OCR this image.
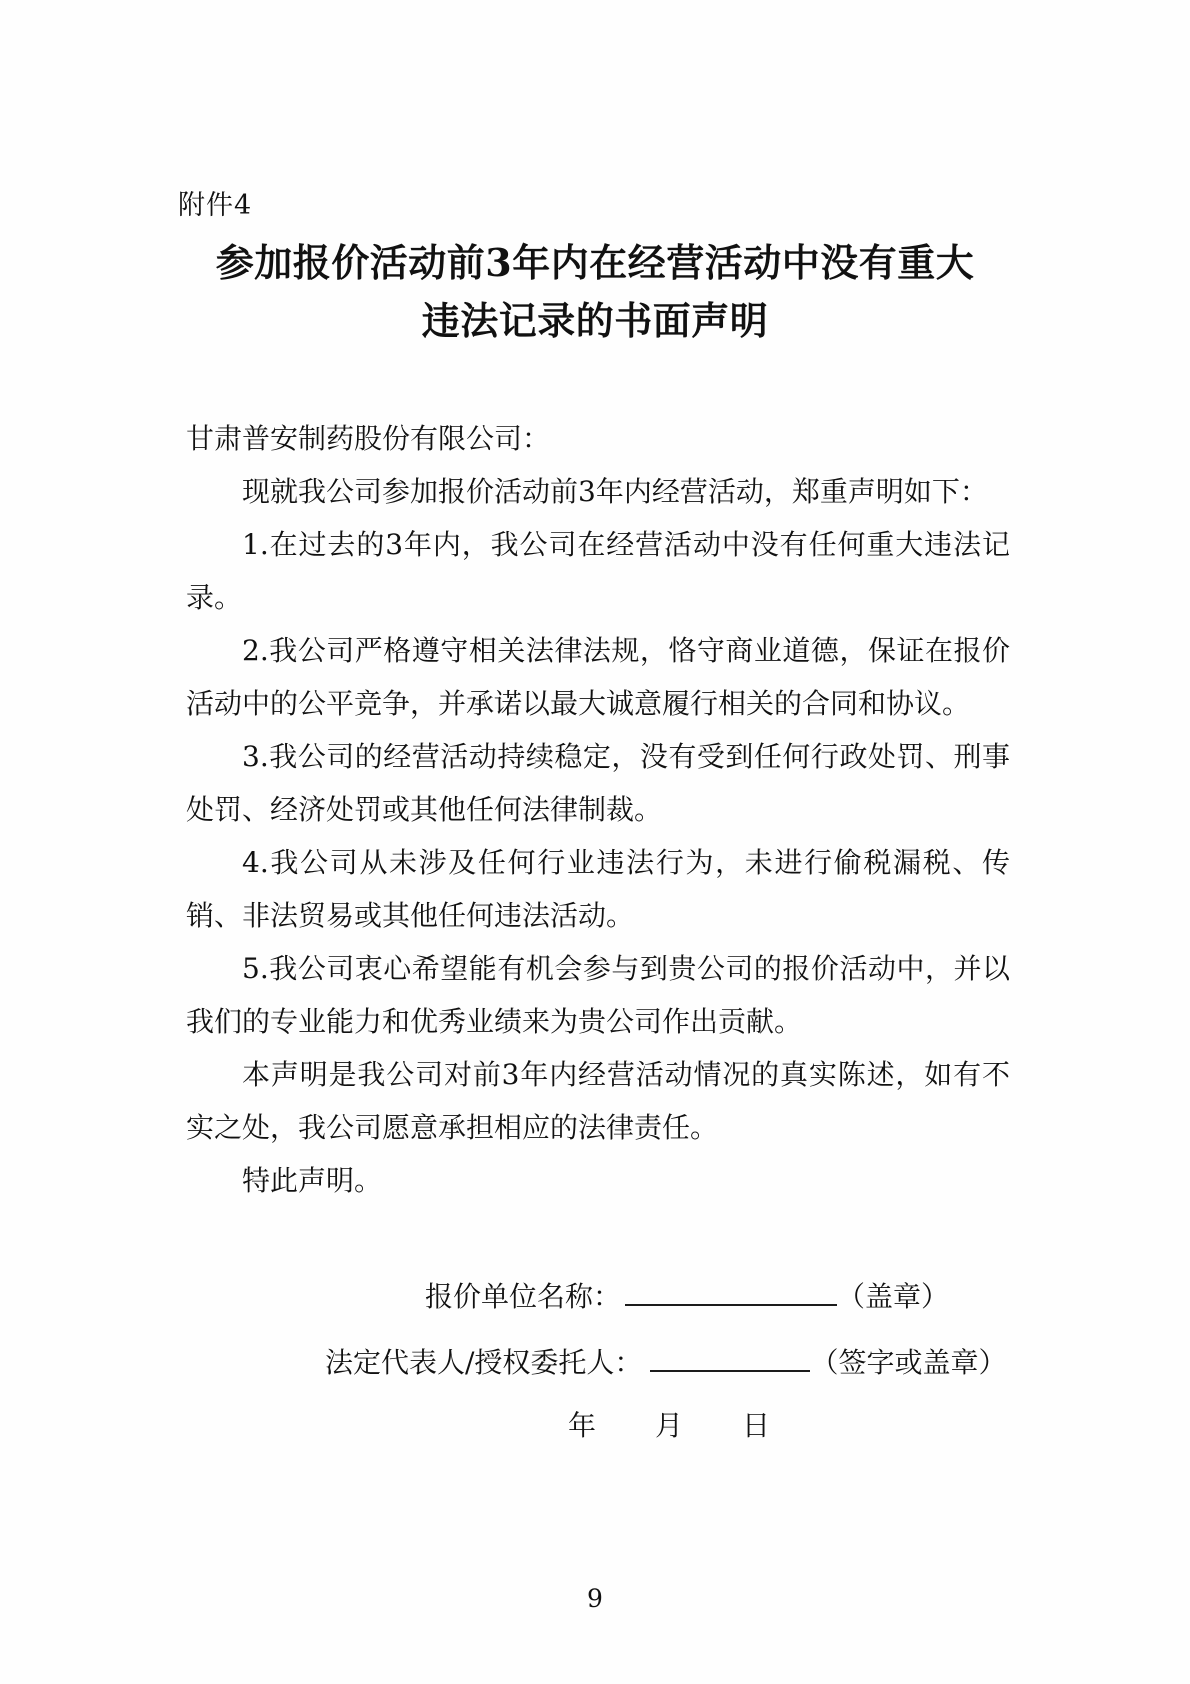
附件4
参加报价活动前3年内在经营活动中没有重大
违法记录的书面声明

甘肃普安制药股份有限公司：

现就我公司参加报价活动前3年内经营活动，郑重声明如下：

1.在过去的3年内，我公司在经营活动中没有任何重大违法记录。

2.我公司严格遵守相关法律法规，恪守商业道德，保证在报价活动中的公平竞争，并承诺以最大诚意履行相关的合同和协议。

3.我公司的经营活动持续稳定，没有受到任何行政处罚、刑事处罚、经济处罚或其他任何法律制裁。

4.我公司从未涉及任何行业违法行为，未进行偷税漏税、传销、非法贸易或其他任何违法活动。

5.我公司衷心希望能有机会参与到贵公司的报价活动中，并以我们的专业能力和优秀业绩来为贵公司作出贡献。

本声明是我公司对前3年内经营活动情况的真实陈述，如有不实之处，我公司愿意承担相应的法律责任。

特此声明。

报价单位名称：	（盖章）
法定代表人/授权委托人：	（签字或盖章）
年 月 日
9
